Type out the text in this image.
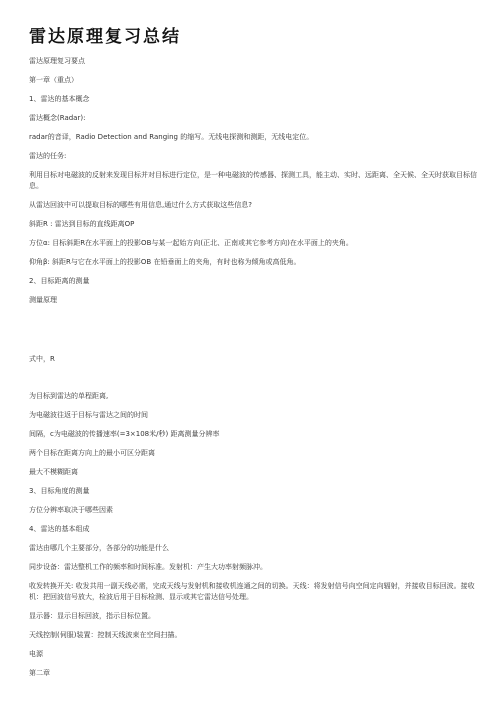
雷达原理复习总结

雷达原理复习要点

第一章（重点）

1、雷达的基本概念

雷达概念(Radar):

radar的音译，Radio Detection and Ranging 的缩写。无线电探测和测距，无线电定位。

雷达的任务:

利用目标对电磁波的反射来发现目标并对目标进行定位，是一种电磁波的传感器、探测工具，能主动、实时、远距离、全天候、全天时获取目标信息。

从雷达回波中可以提取目标的哪些有用信息,通过什么方式获取这些信息?

斜距R : 雷达到目标的直线距离OP

方位α: 目标斜距R在水平面上的投影OB与某一起始方向(正北、正南或其它参考方向)在水平面上的夹角。

仰角β: 斜距R与它在水平面上的投影OB 在铅垂面上的夹角，有时也称为倾角或高低角。

2、目标距离的测量

测量原理

式中，R

为目标到雷达的单程距离,

为电磁波往返于目标与雷达之间的时间

间隔，c为电磁波的传播速率(=3×108米/秒) 距离测量分辨率

两个目标在距离方向上的最小可区分距离

最大不模糊距离

3、目标角度的测量

方位分辨率取决于哪些因素

4、雷达的基本组成

雷达由哪几个主要部分，各部分的功能是什么

同步设备：雷达整机工作的频率和时间标准。发射机：产生大功率射频脉冲。

收发转换开关: 收发共用一副天线必需，完成天线与发射机和接收机连通之间的切换。天线：将发射信号向空间定向辐射，并接收目标回波。接收机：把回波信号放大，检波后用于目标检测、显示或其它雷达信号处理。

显示器：显示目标回波，指示目标位置。

天线控制(伺服)装置：控制天线波束在空间扫描。

电源

第二章
